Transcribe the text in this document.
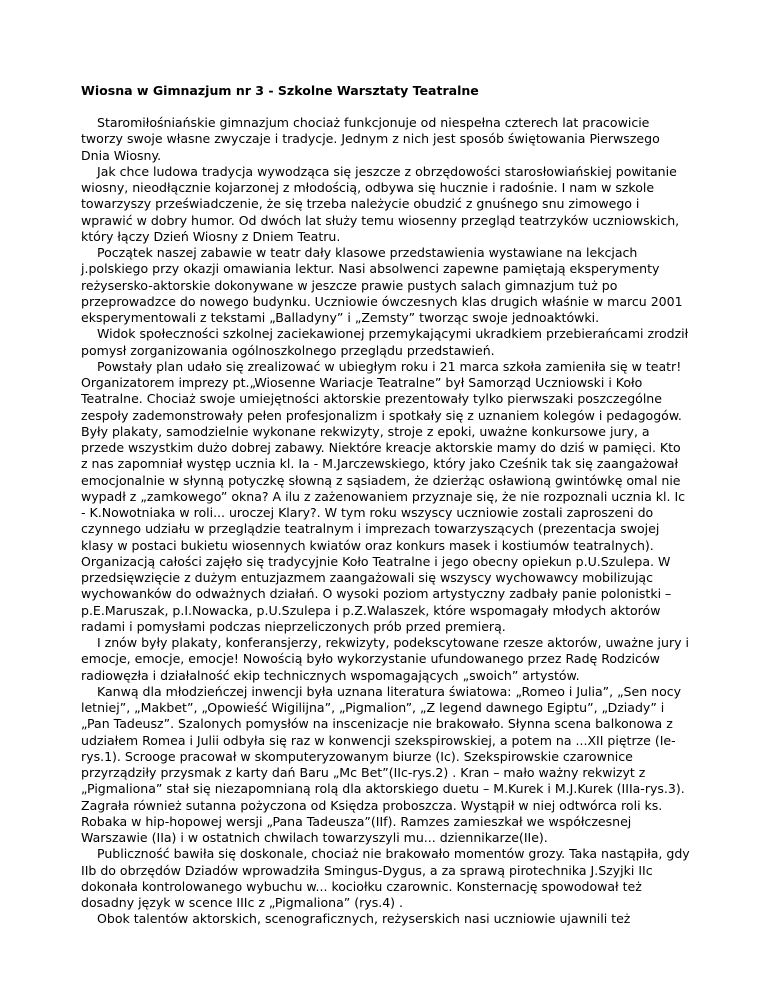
Wiosna w Gimnazjum nr 3 - Szkolne Warsztaty Teatralne

Staromiłośniańskie gimnazjum chociaż funkcjonuje od niespełna czterech lat pracowicie tworzy swoje własne zwyczaje i tradycje. Jednym z nich jest sposób świętowania Pierwszego Dnia Wiosny.

Jak chce ludowa tradycja wywodząca się jeszcze z obrzędowości starosłowiańskiej powitanie wiosny, nieodłącznie kojarzonej z młodością, odbywa się hucznie i radośnie. I nam w szkole towarzyszy przeświadczenie, że się trzeba należycie obudzić z gnuśnego snu zimowego i wprawić w dobry humor. Od dwóch lat służy temu wiosenny przegląd teatrzyków uczniowskich, który łączy Dzień Wiosny z Dniem Teatru.

Początek naszej zabawie w teatr dały klasowe przedstawienia wystawiane na lekcjach j.polskiego przy okazji omawiania lektur. Nasi absolwenci zapewne pamiętają eksperymenty reżysersko-aktorskie dokonywane w jeszcze prawie pustych salach gimnazjum tuż po przeprowadzce do nowego budynku. Uczniowie ówczesnych klas drugich właśnie w marcu 2001 eksperymentowali z tekstami „Balladyny” i „Zemsty” tworząc swoje jednoaktówki.

Widok społeczności szkolnej zaciekawionej przemykającymi ukradkiem przebierańcami zrodził pomysł zorganizowania ogólnoszkolnego przeglądu przedstawień.

Powstały plan udało się zrealizować w ubiegłym roku i 21 marca szkoła zamieniła się w teatr! Organizatorem imprezy pt.„Wiosenne Wariacje Teatralne” był Samorząd Uczniowski i Koło Teatralne. Chociaż swoje umiejętności aktorskie prezentowały tylko pierwszaki poszczególne zespoły zademonstrowały pełen profesjonalizm i spotkały się z uznaniem kolegów i pedagogów. Były plakaty, samodzielnie wykonane rekwizyty, stroje z epoki, uważne konkursowe jury, a przede wszystkim dużo dobrej zabawy. Niektóre kreacje aktorskie mamy do dziś w pamięci. Kto z nas zapomniał występ ucznia kl. Ia - M.Jarczewskiego, który jako Cześnik tak się zaangażował emocjonalnie w słynną potyczkę słowną z sąsiadem, że dzierżąc osławioną gwintówkę omal nie wypadł z „zamkowego” okna? A ilu z zażenowaniem przyznaje się, że nie rozpoznali ucznia kl. Ic - K.Nowotniaka w roli... uroczej Klary?. W tym roku wszyscy uczniowie zostali zaproszeni do czynnego udziału w przeglądzie teatralnym i imprezach towarzyszących (prezentacja swojej klasy w postaci bukietu wiosennych kwiatów oraz konkurs masek i kostiumów teatralnych). Organizacją całości zajęło się tradycyjnie Koło Teatralne i jego obecny opiekun p.U.Szulepa. W przedsięwzięcie z dużym entuzjazmem zaangażowali się wszyscy wychowawcy mobilizując wychowanków do odważnych działań. O wysoki poziom artystyczny zadbały panie polonistki – p.E.Maruszak, p.I.Nowacka, p.U.Szulepa i p.Z.Walaszek, które wspomagały młodych aktorów radami i pomysłami podczas nieprzeliczonych prób przed premierą.

I znów były plakaty, konferansjerzy, rekwizyty, podekscytowane rzesze aktorów, uważne jury i emocje, emocje, emocje! Nowością było wykorzystanie ufundowanego przez Radę Rodziców radiowęzła i działalność ekip technicznych wspomagających „swoich” artystów.

Kanwą dla młodzieńczej inwencji była uznana literatura światowa: „Romeo i Julia”, „Sen nocy letniej”, „Makbet”, „Opowieść Wigilijna”, „Pigmalion”, „Z legend dawnego Egiptu”, „Dziady” i „Pan Tadeusz”. Szalonych pomysłów na inscenizacje nie brakowało. Słynna scena balkonowa z udziałem Romea i Julii odbyła się raz w konwencji szekspirowskiej, a potem na ...XII piętrze (Ie-rys.1). Scrooge pracował w skomputeryzowanym biurze (Ic). Szekspirowskie czarownice przyrządziły przysmak z karty dań Baru „Mc Bet”(IIc-rys.2) . Kran – mało ważny rekwizyt z „Pigmaliona” stał się niezapomnianą rolą dla aktorskiego duetu – M.Kurek i M.J.Kurek (IIIa-rys.3). Zagrała również sutanna pożyczona od Księdza proboszcza. Wystąpił w niej odtwórca roli ks. Robaka w hip-hopowej wersji „Pana Tadeusza”(IIf). Ramzes zamieszkał we współczesnej Warszawie (IIa) i w ostatnich chwilach towarzyszyli mu... dziennikarze(IIe).

Publiczność bawiła się doskonale, chociaż nie brakowało momentów grozy. Taka nastąpiła, gdy IIb do obrzędów Dziadów wprowadziła Smingus-Dygus, a za sprawą pirotechnika J.Szyjki IIc dokonała kontrolowanego wybuchu w... kociołku czarownic. Konsternację spowodował też dosadny język w scence IIIc z „Pigmaliona” (rys.4) .

Obok talentów aktorskich, scenograficznych, reżyserskich nasi uczniowie ujawnili też
